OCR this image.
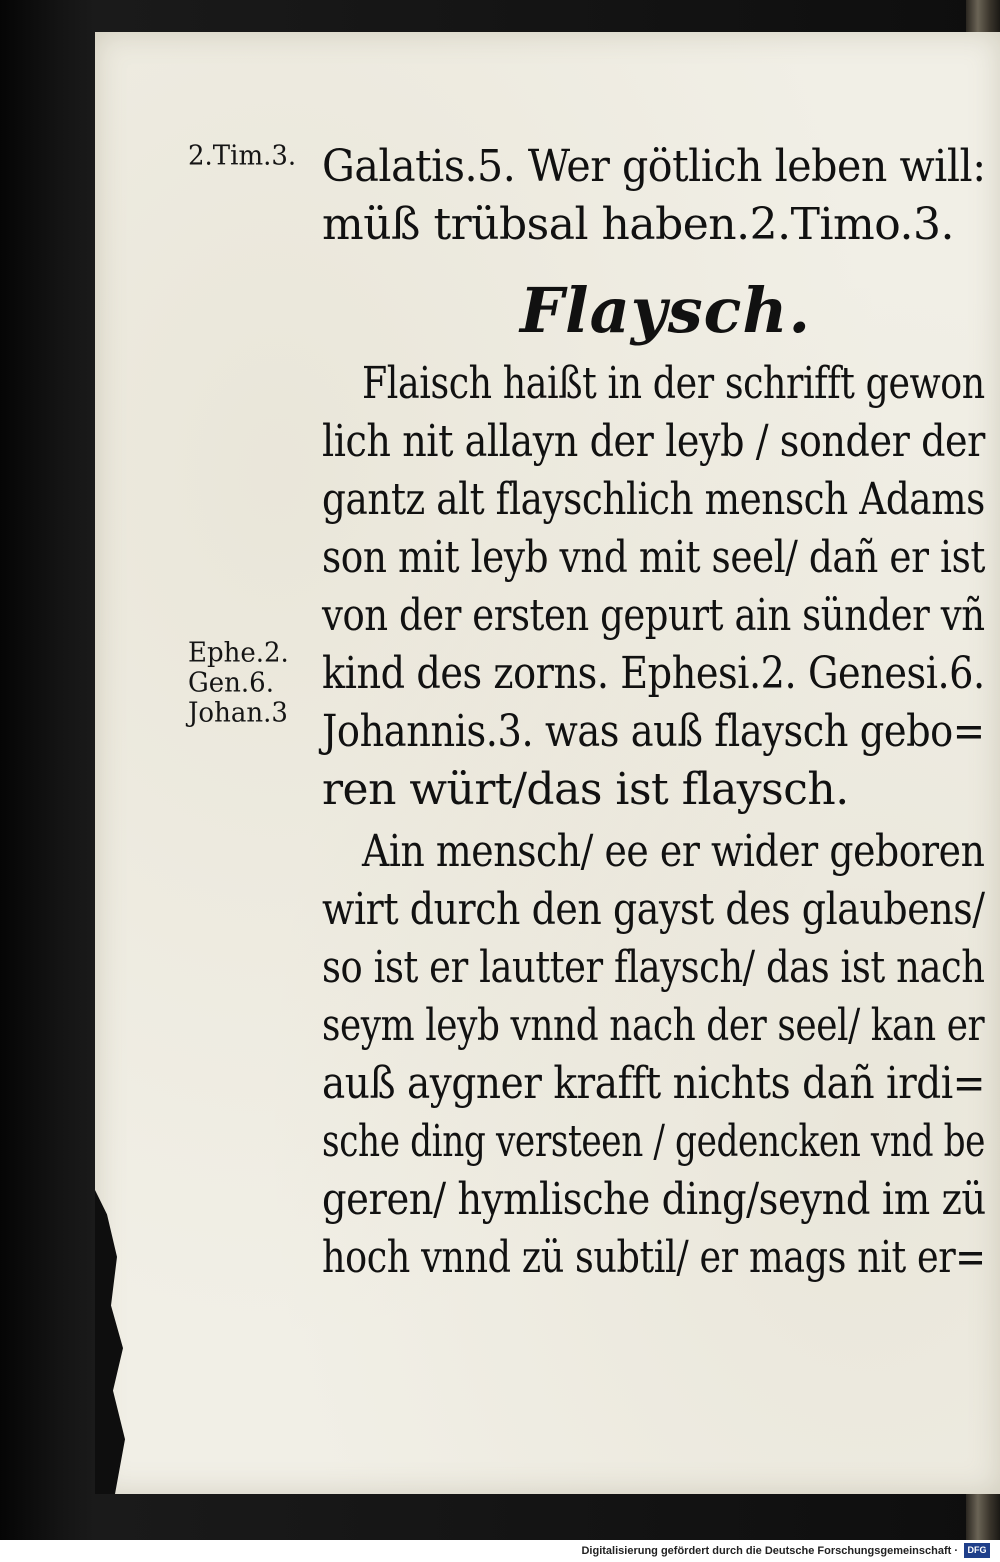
2.Tim.3.
Ephe.2.
Gen.6.
Johan.3
Flaysch.
Galatis.5. Wer götlich leben will:
müß trübsal haben.2.Timo.3.
Flaisch haißt in der schrifft gewon
lich nit allayn der leyb / sonder der
gantz alt flayschlich mensch Adams
son mit leyb vnd mit seel/ dañ er ist
von der ersten gepurt ain sünder vñ
kind des zorns. Ephesi.2. Genesi.6.
Johannis.3. was auß flaysch gebo=
ren würt/das ist flaysch.
Ain mensch/ ee er wider geboren
wirt durch den gayst des glaubens/
so ist er lautter flaysch/ das ist nach
seym leyb vnnd nach der seel/ kan er
auß aygner krafft nichts dañ irdi=
sche ding versteen / gedencken vnd be
geren/ hymlische ding/seynd im zü
hoch vnnd zü subtil/ er mags nit er=
Digitalisierung gefördert durch die Deutsche Forschungsgemeinschaft ·	DFG
